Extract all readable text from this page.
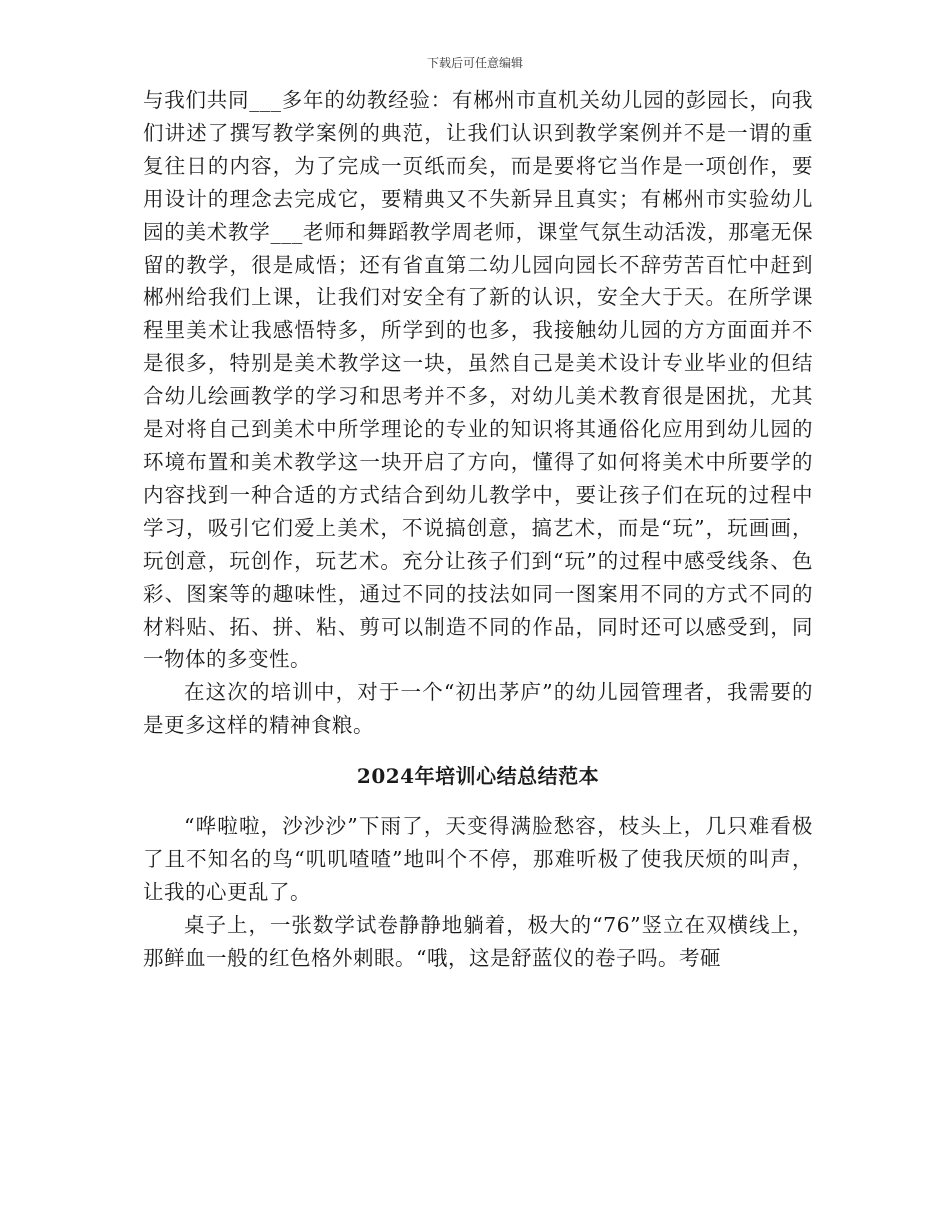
下载后可任意编辑

与我们共同___多年的幼教经验：有郴州市直机关幼儿园的彭园长，向我们讲述了撰写教学案例的典范，让我们认识到教学案例并不是一谓的重复往日的内容，为了完成一页纸而矣，而是要将它当作是一项创作，要用设计的理念去完成它，要精典又不失新异且真实；有郴州市实验幼儿园的美术教学___老师和舞蹈教学周老师，课堂气氛生动活泼，那毫无保留的教学，很是咸悟；还有省直第二幼儿园向园长不辞劳苦百忙中赶到郴州给我们上课，让我们对安全有了新的认识，安全大于天。在所学课程里美术让我感悟特多，所学到的也多，我接触幼儿园的方方面面并不是很多，特别是美术教学这一块，虽然自己是美术设计专业毕业的但结合幼儿绘画教学的学习和思考并不多，对幼儿美术教育很是困扰，尤其是对将自己到美术中所学理论的专业的知识将其通俗化应用到幼儿园的环境布置和美术教学这一块开启了方向，懂得了如何将美术中所要学的内容找到一种合适的方式结合到幼儿教学中，要让孩子们在玩的过程中学习，吸引它们爱上美术，不说搞创意，搞艺术，而是“玩”，玩画画，玩创意，玩创作，玩艺术。充分让孩子们到“玩”的过程中感受线条、色彩、图案等的趣味性，通过不同的技法如同一图案用不同的方式不同的材料贴、拓、拼、粘、剪可以制造不同的作品，同时还可以感受到，同一物体的多变性。

在这次的培训中，对于一个“初出茅庐”的幼儿园管理者，我需要的是更多这样的精神食粮。

2024年培训心结总结范本

“哗啦啦，沙沙沙”下雨了，天变得满脸愁容，枝头上，几只难看极了且不知名的鸟“叽叽喳喳”地叫个不停，那难听极了使我厌烦的叫声，让我的心更乱了。

桌子上，一张数学试卷静静地躺着，极大的“76”竖立在双横线上，那鲜血一般的红色格外刺眼。“哦，这是舒蓝仪的卷子吗。考砸
